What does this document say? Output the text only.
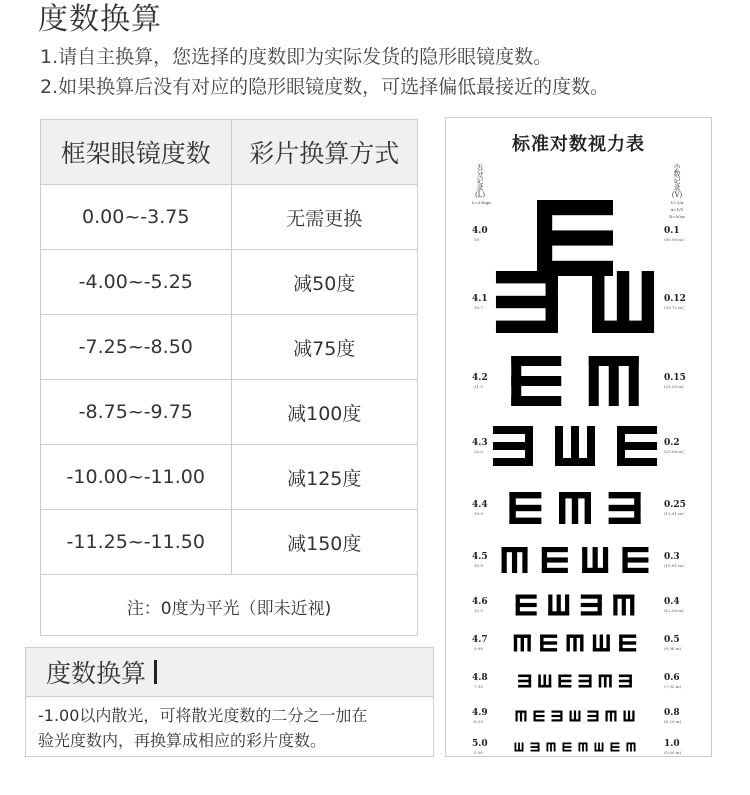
度数换算
1.请自主换算，您选择的度数即为实际发货的隐形眼镜度数。
2.如果换算后没有对应的隐形眼镜度数，可选择偏低最接近的度数。
框架眼镜度数	彩片换算方式
0.00~-3.75	无需更换
-4.00~-5.25	减50度
-7.25~-8.50	减75度
-8.75~-9.75	减100度
-10.00~-11.00	减125度
-11.25~-11.50	减150度
注：0度为平光（即未近视)
度数换算
-1.00以内散光，可将散光度数的二分之一加在
验光度数内，再换算成相应的彩片度数。
标准对数视力表
五
分
记
录
(L)
L=5-logα
小
数
记
录
(V)
V=1/α
α=1/V
D=50/α
4.0
50
0.1
(50.00 m)
4.1
39.7
0.12
(39.72 m)
4.2
31.5
0.15
(31.55 m)
4.3
25.0
0.2
(25.06 m)
4.4
19.9
0.25
(19.91 m)
4.5
15.8
0.3
(15.81 m)
4.6
12.5
0.4
(12.56 m)
4.7
9.98
0.5
(9.98 m)
4.8
7.92
0.6
(7.92 m)
4.9
6.29
0.8
(6.29 m)
5.0
5.00
1.0
(5.00 m)
